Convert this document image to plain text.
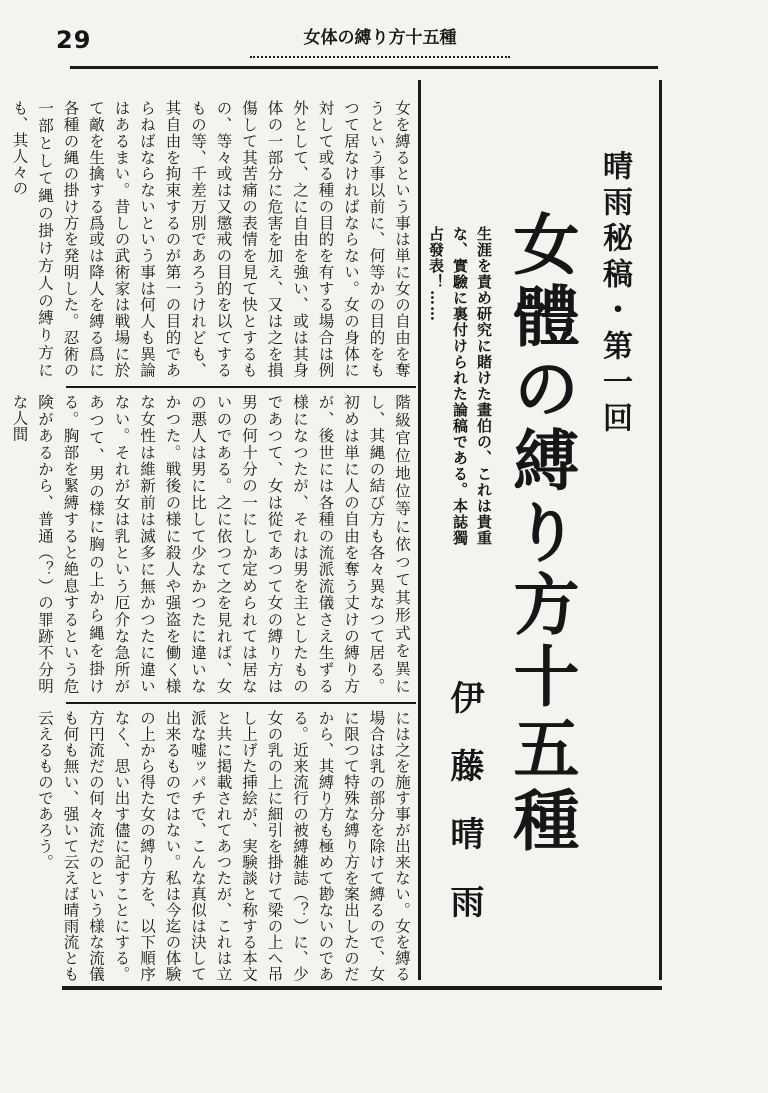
29	女体の縛り方十五種
晴雨秘稿・第一回
女體の縛り方十五種
生涯を責め研究に賭けた畫伯の、これは貴重な、實驗に裏付けられた論稿である。本誌獨占發表！……
伊藤晴雨
女を縛るという事は単に女の自由を奪うという事以前に、何等かの目的をもつて居なければならない。女の身体に対して或る種の目的を有する場合は例外として、之に自由を強い、或は其身体の一部分に危害を加え、又は之を損傷して其苦痛の表情を見て快とするもの、等々或は又懲戒の目的を以てするもの等、千差万別であろうけれども、其自由を拘束するのが第一の目的であらねばならないという事は何人も異論はあるまい。昔しの武術家は戦場に於て敵を生擒する爲或は降人を縛る爲に各種の縄の掛け方を発明した。忍術の一部として縄の掛け方人の縛り方にも、其人々の
階級官位地位等に依つて其形式を異にし、其縄の結び方も各々異なつて居る。初めは単に人の自由を奪う丈けの縛り方が、後世には各種の流派流儀さえ生ずる様になつたが、それは男を主としたものであつて、女は從であつて女の縛り方は男の何十分の一にしか定められては居ないのである。之に依つて之を見れば、女の悪人は男に比して少なかつたに違いなかつた。戦後の様に殺人や强盗を働く様な女性は維新前は滅多に無かつたに違いない。それが女は乳という厄介な急所があつて、男の様に胸の上から縄を掛ける。胸部を緊縛すると絶息するという危険があるから、普通（？）の罪跡不分明な人間
には之を施す事が出来ない。女を縛る場合は乳の部分を除けて縛るので、女に限つて特殊な縛り方を案出したのだから、其縛り方も極めて尠ないのである。近来流行の被縛雑誌（？）に、少女の乳の上に細引を掛けて梁の上へ吊し上げた挿絵が、実験談と称する本文と共に掲載されてあつたが、これは立派な嘘ッパチで、こんな真似は決して出来るものではない。私は今迄の体験の上から得た女の縛り方を、以下順序なく、思い出す儘に記すことにする。方円流だの何々流だのという様な流儀も何も無い、强いて云えば晴雨流とも云えるものであろう。
